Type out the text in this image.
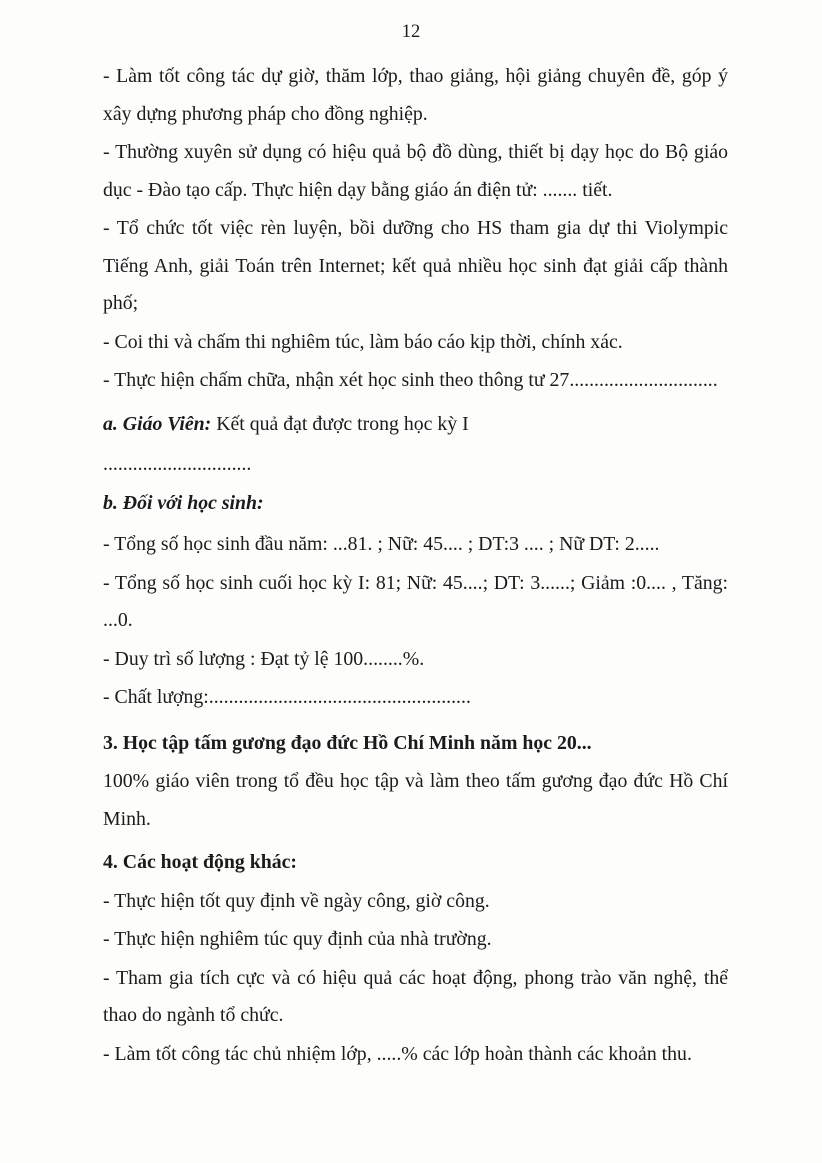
12

- Làm tốt công tác dự giờ, thăm lớp, thao giảng, hội giảng chuyên đề, góp ý xây dựng phương pháp cho đồng nghiệp.

- Thường xuyên sử dụng có hiệu quả bộ đồ dùng, thiết bị dạy học do Bộ giáo dục - Đào tạo cấp. Thực hiện dạy bằng giáo án điện tử: ....... tiết.

- Tổ chức tốt việc rèn luyện, bồi dưỡng cho HS tham gia dự thi Violympic Tiếng Anh, giải Toán trên Internet; kết quả nhiều học sinh đạt giải cấp thành phố;

- Coi thi và chấm thi nghiêm túc, làm báo cáo kịp thời, chính xác.

- Thực hiện chấm chữa, nhận xét học sinh theo thông tư 27..............................

a. Giáo Viên: Kết quả đạt được trong học kỳ I

..............................

b. Đối với học sinh:

- Tổng số học sinh đầu năm: ...81. ; Nữ: 45.... ; DT:3 .... ; Nữ DT: 2.....

- Tổng số học sinh cuối học kỳ I: 81; Nữ: 45....; DT: 3......; Giảm :0.... , Tăng: ...0.

- Duy trì số lượng : Đạt tỷ lệ 100........%.

- Chất lượng:.....................................................

3. Học tập tấm gương đạo đức Hồ Chí Minh năm học 20...

100% giáo viên trong tổ đều học tập và làm theo tấm gương đạo đức Hồ Chí Minh.

4. Các hoạt động khác:

- Thực hiện tốt quy định về ngày công, giờ công.

- Thực hiện nghiêm túc quy định của nhà trường.

- Tham gia tích cực và có hiệu quả các hoạt động, phong trào văn nghệ, thể thao do ngành tổ chức.

- Làm tốt công tác chủ nhiệm lớp, .....% các lớp hoàn thành các khoản thu.
